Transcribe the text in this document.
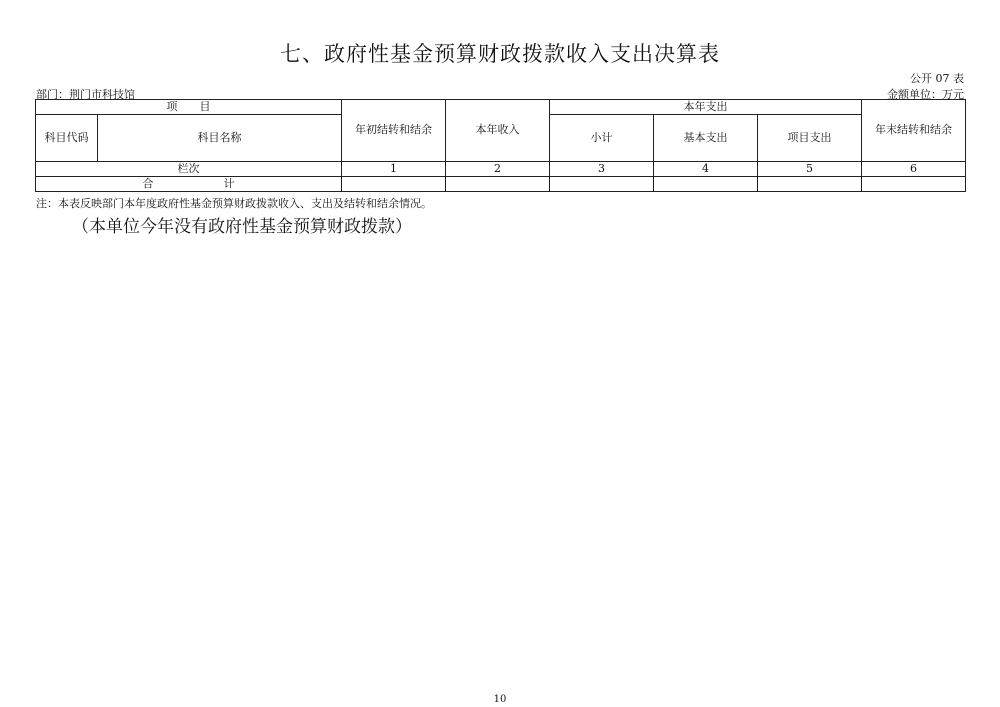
七、政府性基金预算财政拨款收入支出决算表
公开 07 表
部门：荆门市科技馆	金额单位：万元
项　　目		年初结转和结余	本年收入	本年支出			年末结转和结余
科目代码	科目名称			小计	基本支出	项目支出	
栏次		1	2	3	4	5	6
合计							
注：本表反映部门本年度政府性基金预算财政拨款收入、支出及结转和结余情况。
（本单位今年没有政府性基金预算财政拨款）
10
